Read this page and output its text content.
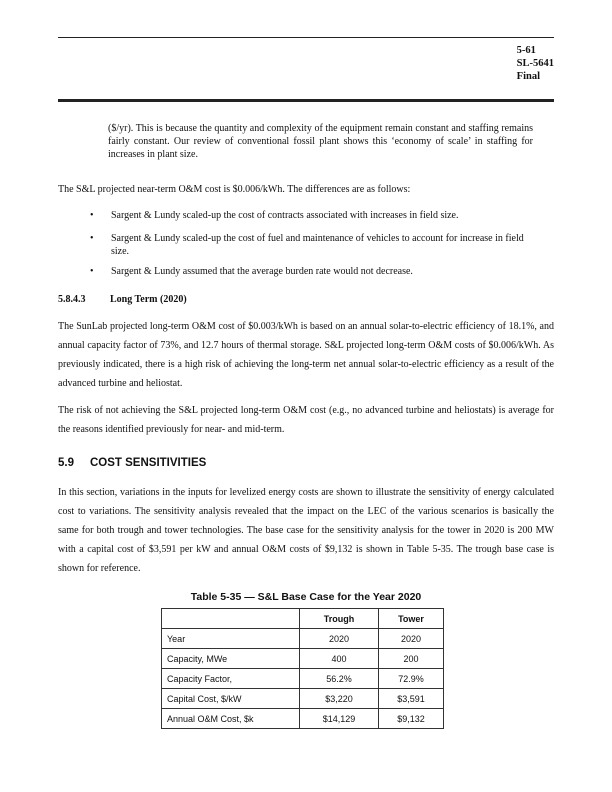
5-61
SL-5641
Final

($/yr). This is because the quantity and complexity of the equipment remain constant and staffing remains fairly constant. Our review of conventional fossil plant shows this ‘economy of scale’ in staffing for increases in plant size.

The S&L projected near-term O&M cost is $0.006/kWh. The differences are as follows:

• Sargent & Lundy scaled-up the cost of contracts associated with increases in field size.
• Sargent & Lundy scaled-up the cost of fuel and maintenance of vehicles to account for increase in field size.
• Sargent & Lundy assumed that the average burden rate would not decrease.
5.8.4.3 Long Term (2020)

The SunLab projected long-term O&M cost of $0.003/kWh is based on an annual solar-to-electric efficiency of 18.1%, and annual capacity factor of 73%, and 12.7 hours of thermal storage. S&L projected long-term O&M costs of $0.006/kWh. As previously indicated, there is a high risk of achieving the long-term net annual solar-to-electric efficiency as a result of the advanced turbine and heliostat.

The risk of not achieving the S&L projected long-term O&M cost (e.g., no advanced turbine and heliostats) is average for the reasons identified previously for near- and mid-term.

5.9 COST SENSITIVITIES

In this section, variations in the inputs for levelized energy costs are shown to illustrate the sensitivity of energy calculated cost to variations. The sensitivity analysis revealed that the impact on the LEC of the various scenarios is basically the same for both trough and tower technologies. The base case for the sensitivity analysis for the tower in 2020 is 200 MW with a capital cost of $3,591 per kW and annual O&M costs of $9,132 is shown in Table 5-35. The trough base case is shown for reference.

Table 5-35 — S&L Base Case for the Year 2020
	Trough	Tower
Year	2020	2020
Capacity, MWe	400	200
Capacity Factor,	56.2%	72.9%
Capital Cost, $/kW	$3,220	$3,591
Annual O&M Cost, $k	$14,129	$9,132
